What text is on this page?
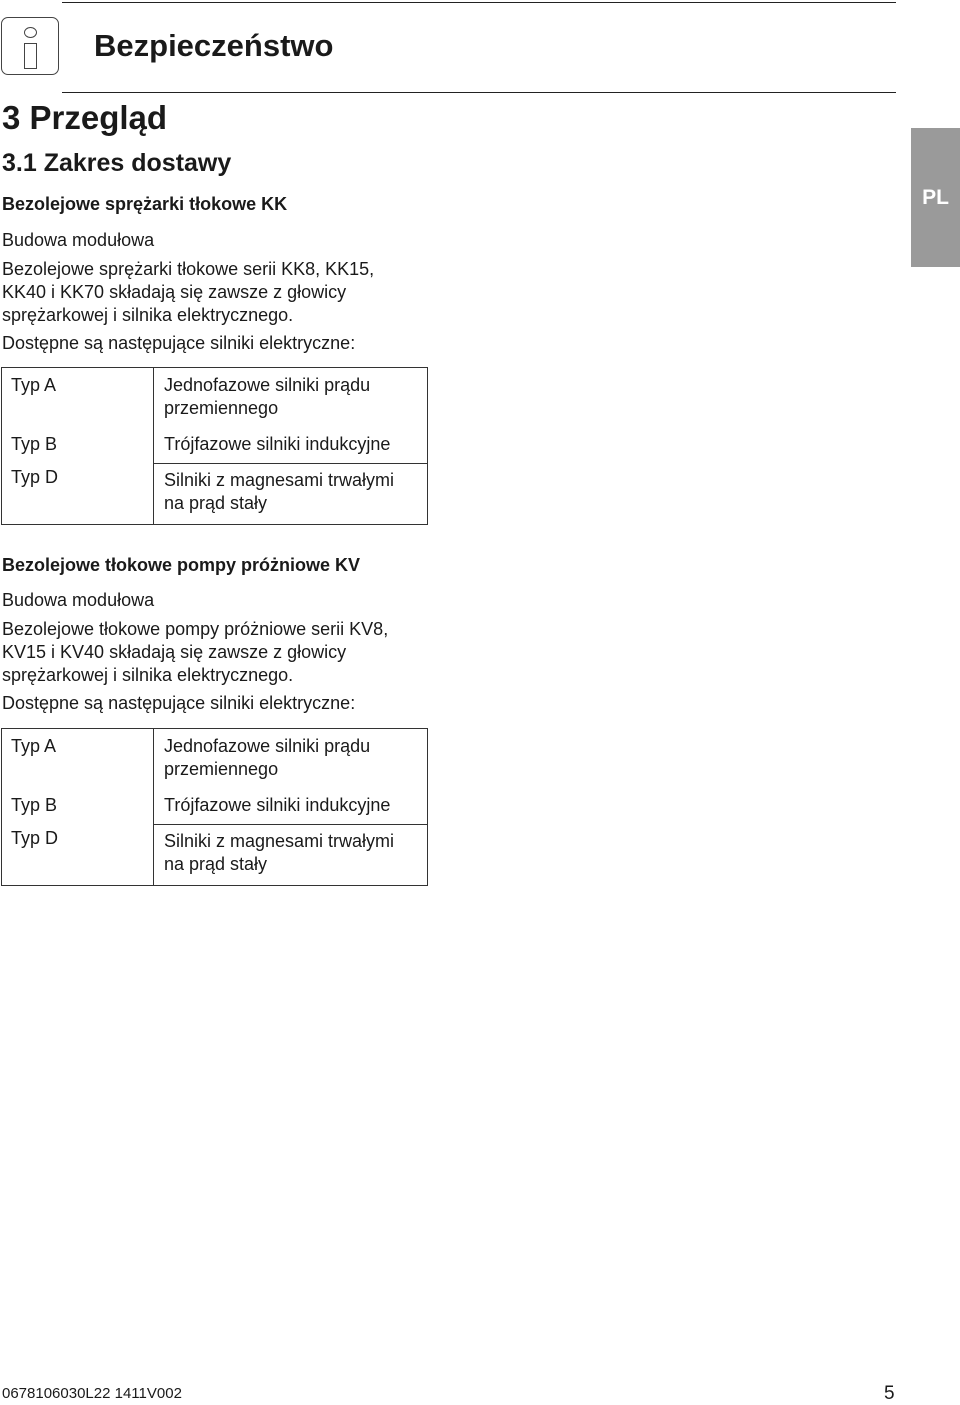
Bezpieczeństwo
PL
3 Przegląd
3.1 Zakres dostawy
Bezolejowe sprężarki tłokowe KK
Budowa modułowa
Bezolejowe sprężarki tłokowe serii KK8, KK15,
KK40 i KK70 składają się zawsze z głowicy
sprężarkowej i silnika elektrycznego.
Dostępne są następujące silniki elektryczne:
Typ A	Jednofazowe silniki prądu
przemiennego
Typ B	Trójfazowe silniki indukcyjne
Typ D	Silniki z magnesami trwałymi
na prąd stały
Bezolejowe tłokowe pompy próżniowe KV
Budowa modułowa
Bezolejowe tłokowe pompy próżniowe serii KV8,
KV15 i KV40 składają się zawsze z głowicy
sprężarkowej i silnika elektrycznego.
Dostępne są następujące silniki elektryczne:
Typ A	Jednofazowe silniki prądu
przemiennego
Typ B	Trójfazowe silniki indukcyjne
Typ D	Silniki z magnesami trwałymi
na prąd stały
0678106030L22 1411V002	5
